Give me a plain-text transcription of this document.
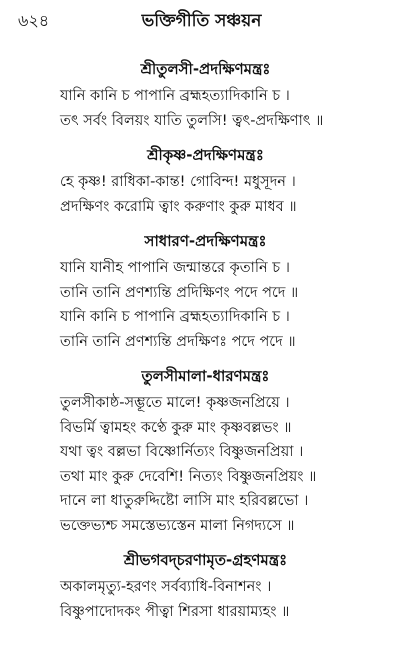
৬২৪	ভক্তিগীতি সঞ্চয়ন
শ্রীতুলসী-প্রদক্ষিণমন্ত্রঃ
যানি কানি চ পাপানি ব্রহ্মহত্যাদিকানি চ ।
তৎ সর্বং বিলয়ং যাতি তুলসি! ত্বৎ-প্রদক্ষিণাৎ ॥
শ্রীকৃষ্ণ-প্রদক্ষিণমন্ত্রঃ
হে কৃষ্ণ! রাধিকা-কান্ত! গোবিন্দ! মধুসূদন ।
প্রদক্ষিণং করোমি ত্বাং করুণাং কুরু মাধব ॥
সাধারণ-প্রদক্ষিণমন্ত্রঃ
যানি যানীহ পাপানি জন্মান্তরে কৃতানি চ ।
তানি তানি প্রণশ্যন্তি প্রদিক্ষিণং পদে পদে ॥
যানি কানি চ পাপানি ব্রহ্মহত্যাদিকানি চ ।
তানি তানি প্রণশ্যন্তি প্রদক্ষিণঃ পদে পদে ॥
তুলসীমালা-ধারণমন্ত্রঃ
তুলসীকাষ্ঠ-সম্ভূতে মালে! কৃষ্ণজনপ্রিয়ে ।
বিভর্মি ত্বামহং কণ্ঠে কুরু মাং কৃষ্ণবল্লভং ॥
যথা ত্বং বল্লভা বিষ্ণোর্নিত্যং বিষ্ণুজনপ্রিয়া ।
তথা মাং কুরু দেবেশি! নিত্যং বিষ্ণুজনপ্রিয়ং ॥
দানে লা ধাতুরুদ্দিষ্টো লাসি মাং হরিবল্লভো ।
ভক্তেভ্যশ্চ সমস্তেভ্যস্তেন মালা নিগদ্যসে ॥
শ্রীভগবদ্চরণামৃত-গ্রহণমন্ত্রঃ
অকালমৃত্যু-হরণং সর্বব্যাধি-বিনাশনং ।
বিষ্ণুপাদোদকং পীত্বা শিরসা ধারয়াম্যহং ॥
